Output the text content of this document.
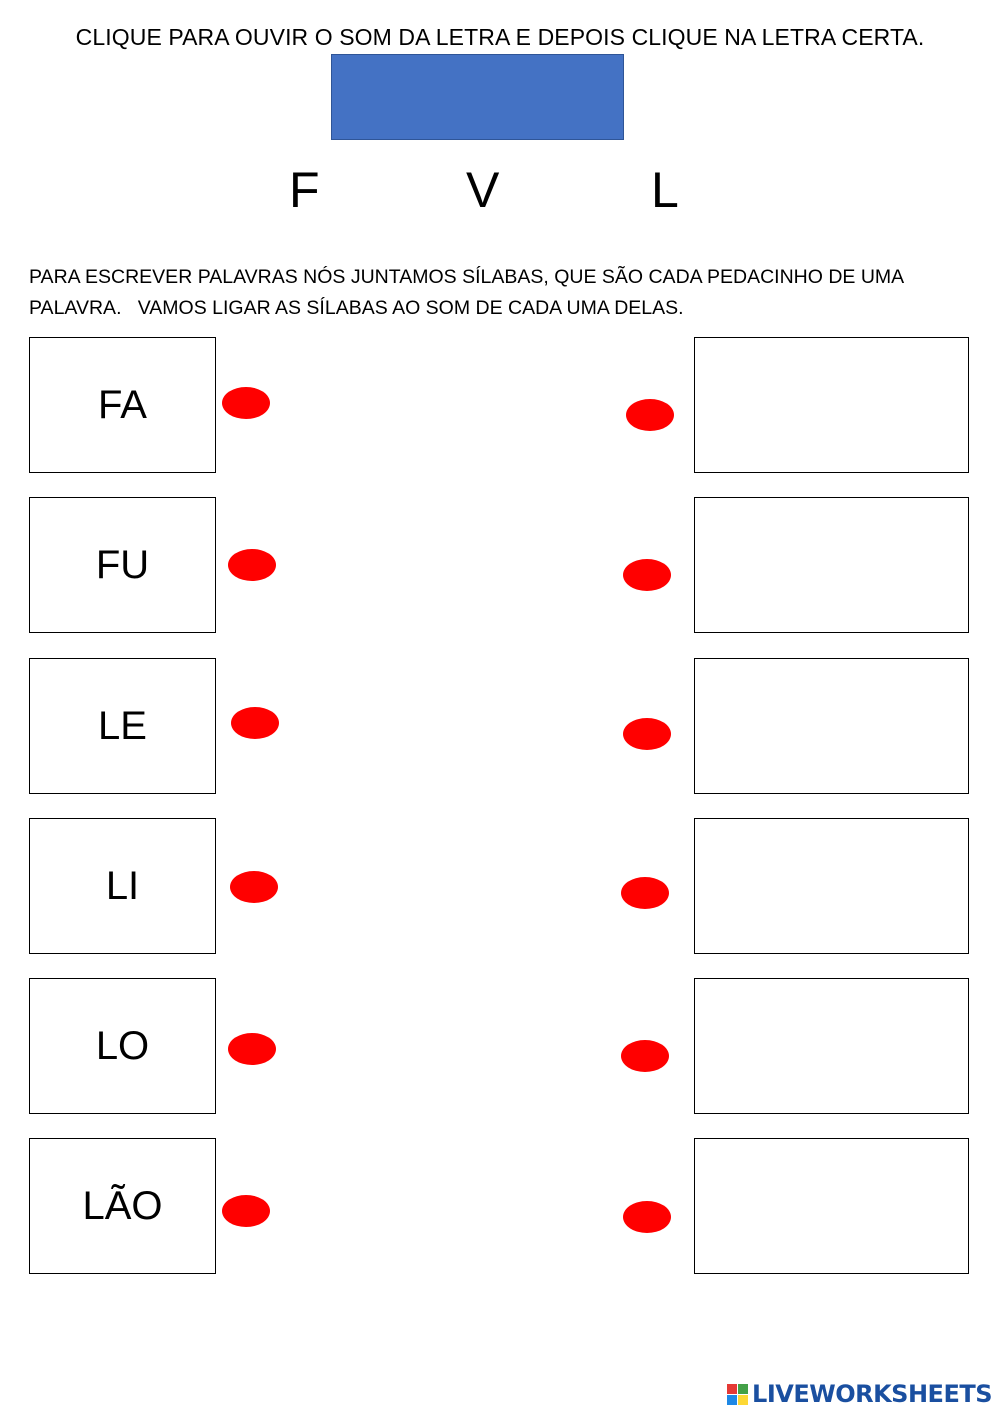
CLIQUE PARA OUVIR O SOM DA LETRA E DEPOIS CLIQUE NA LETRA CERTA.
F	V	L
PARA ESCREVER PALAVRAS NÓS JUNTAMOS SÍLABAS, QUE SÃO CADA PEDACINHO DE UMA
PALAVRA.   VAMOS LIGAR AS SÍLABAS AO SOM DE CADA UMA DELAS.
FA
FU
LE
LI
LO
LÃO
LIVEWORKSHEETS
